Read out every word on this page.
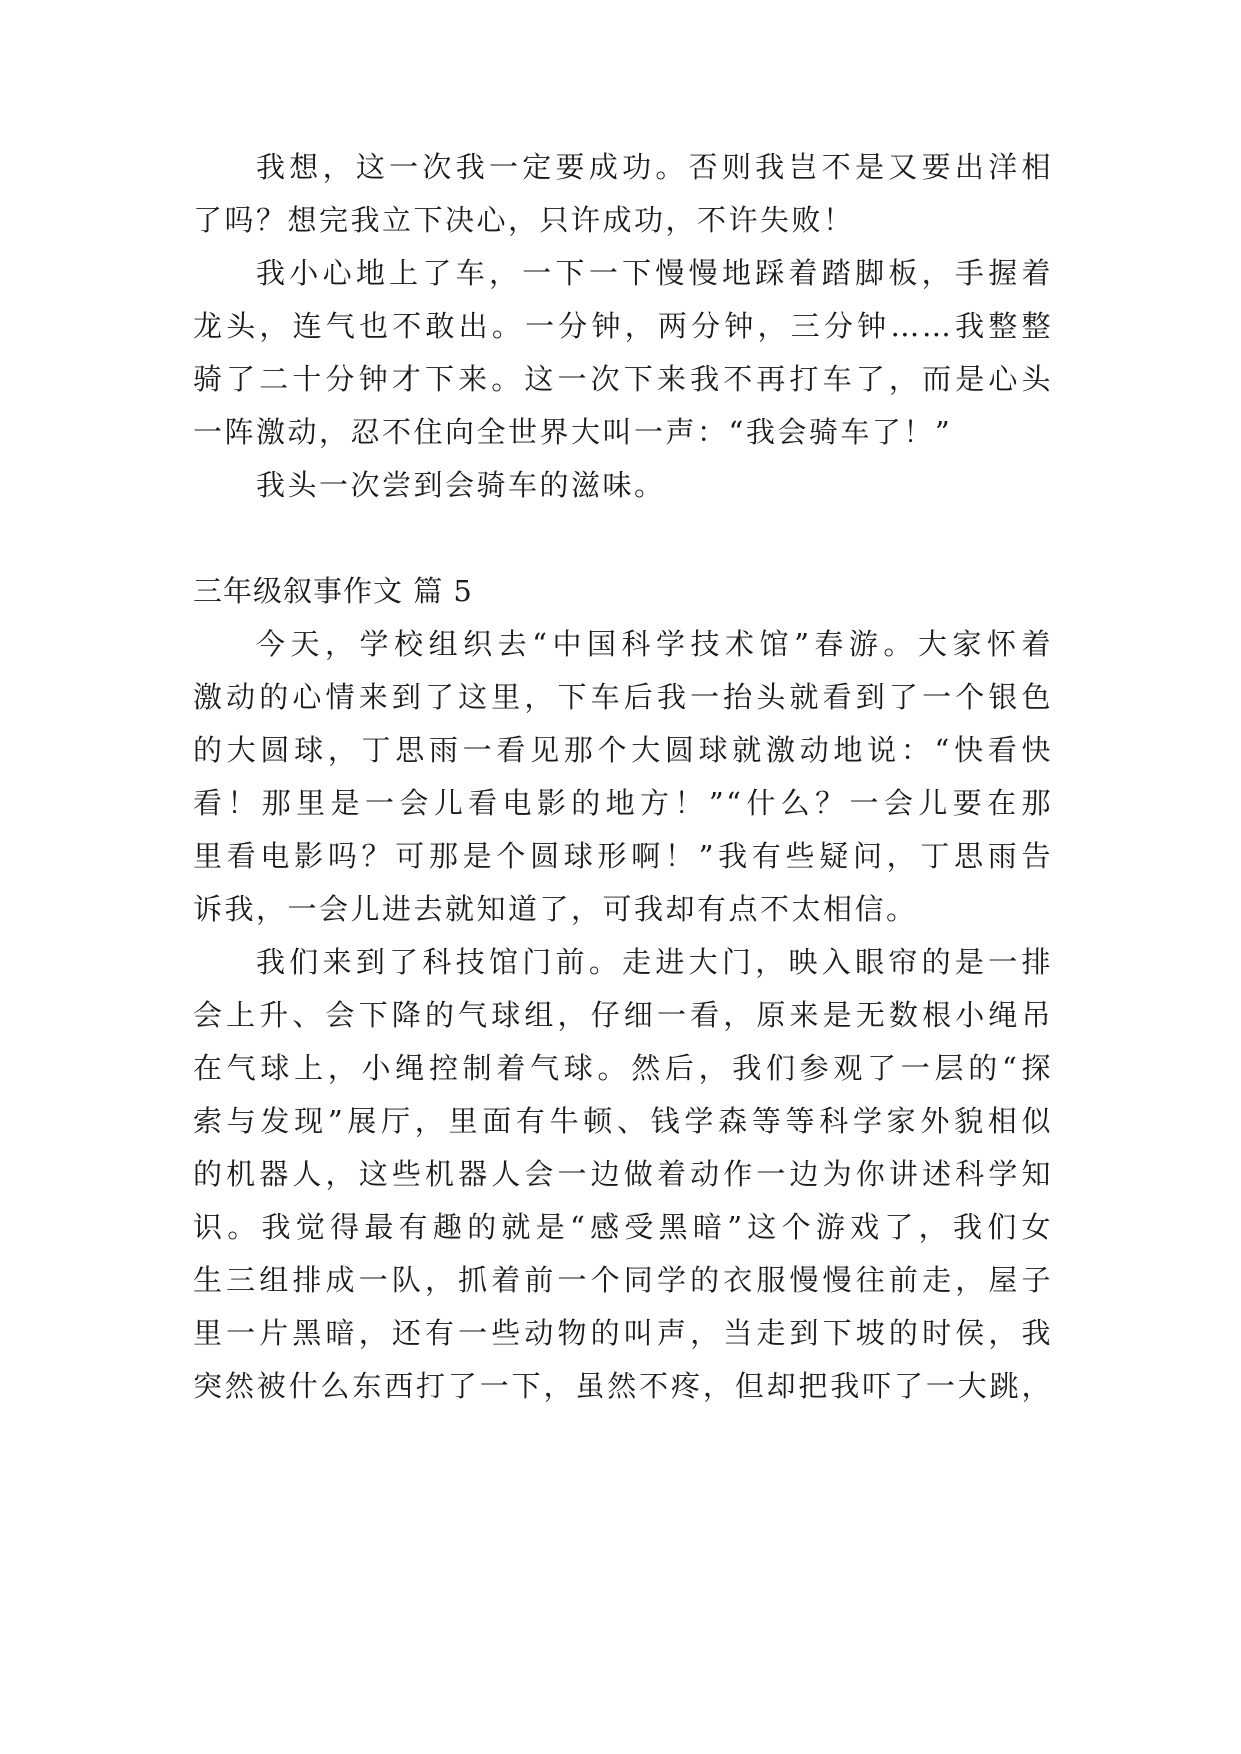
我想，这一次我一定要成功。否则我岂不是又要出洋相
了吗？想完我立下决心，只许成功，不许失败！
我小心地上了车，一下一下慢慢地踩着踏脚板，手握着
龙头，连气也不敢出。一分钟，两分钟，三分钟……我整整
骑了二十分钟才下来。这一次下来我不再打车了，而是心头
一阵激动，忍不住向全世界大叫一声：“我会骑车了！”
我头一次尝到会骑车的滋味。
三年级叙事作文 篇 5
今天，学校组织去“中国科学技术馆”春游。大家怀着
激动的心情来到了这里，下车后我一抬头就看到了一个银色
的大圆球，丁思雨一看见那个大圆球就激动地说：“快看快
看！那里是一会儿看电影的地方！”“什么？一会儿要在那
里看电影吗？可那是个圆球形啊！”我有些疑问，丁思雨告
诉我，一会儿进去就知道了，可我却有点不太相信。
我们来到了科技馆门前。走进大门，映入眼帘的是一排
会上升、会下降的气球组，仔细一看，原来是无数根小绳吊
在气球上，小绳控制着气球。然后，我们参观了一层的“探
索与发现”展厅，里面有牛顿、钱学森等等科学家外貌相似
的机器人，这些机器人会一边做着动作一边为你讲述科学知
识。我觉得最有趣的就是“感受黑暗”这个游戏了，我们女
生三组排成一队，抓着前一个同学的衣服慢慢往前走，屋子
里一片黑暗，还有一些动物的叫声，当走到下坡的时侯，我
突然被什么东西打了一下，虽然不疼，但却把我吓了一大跳，
